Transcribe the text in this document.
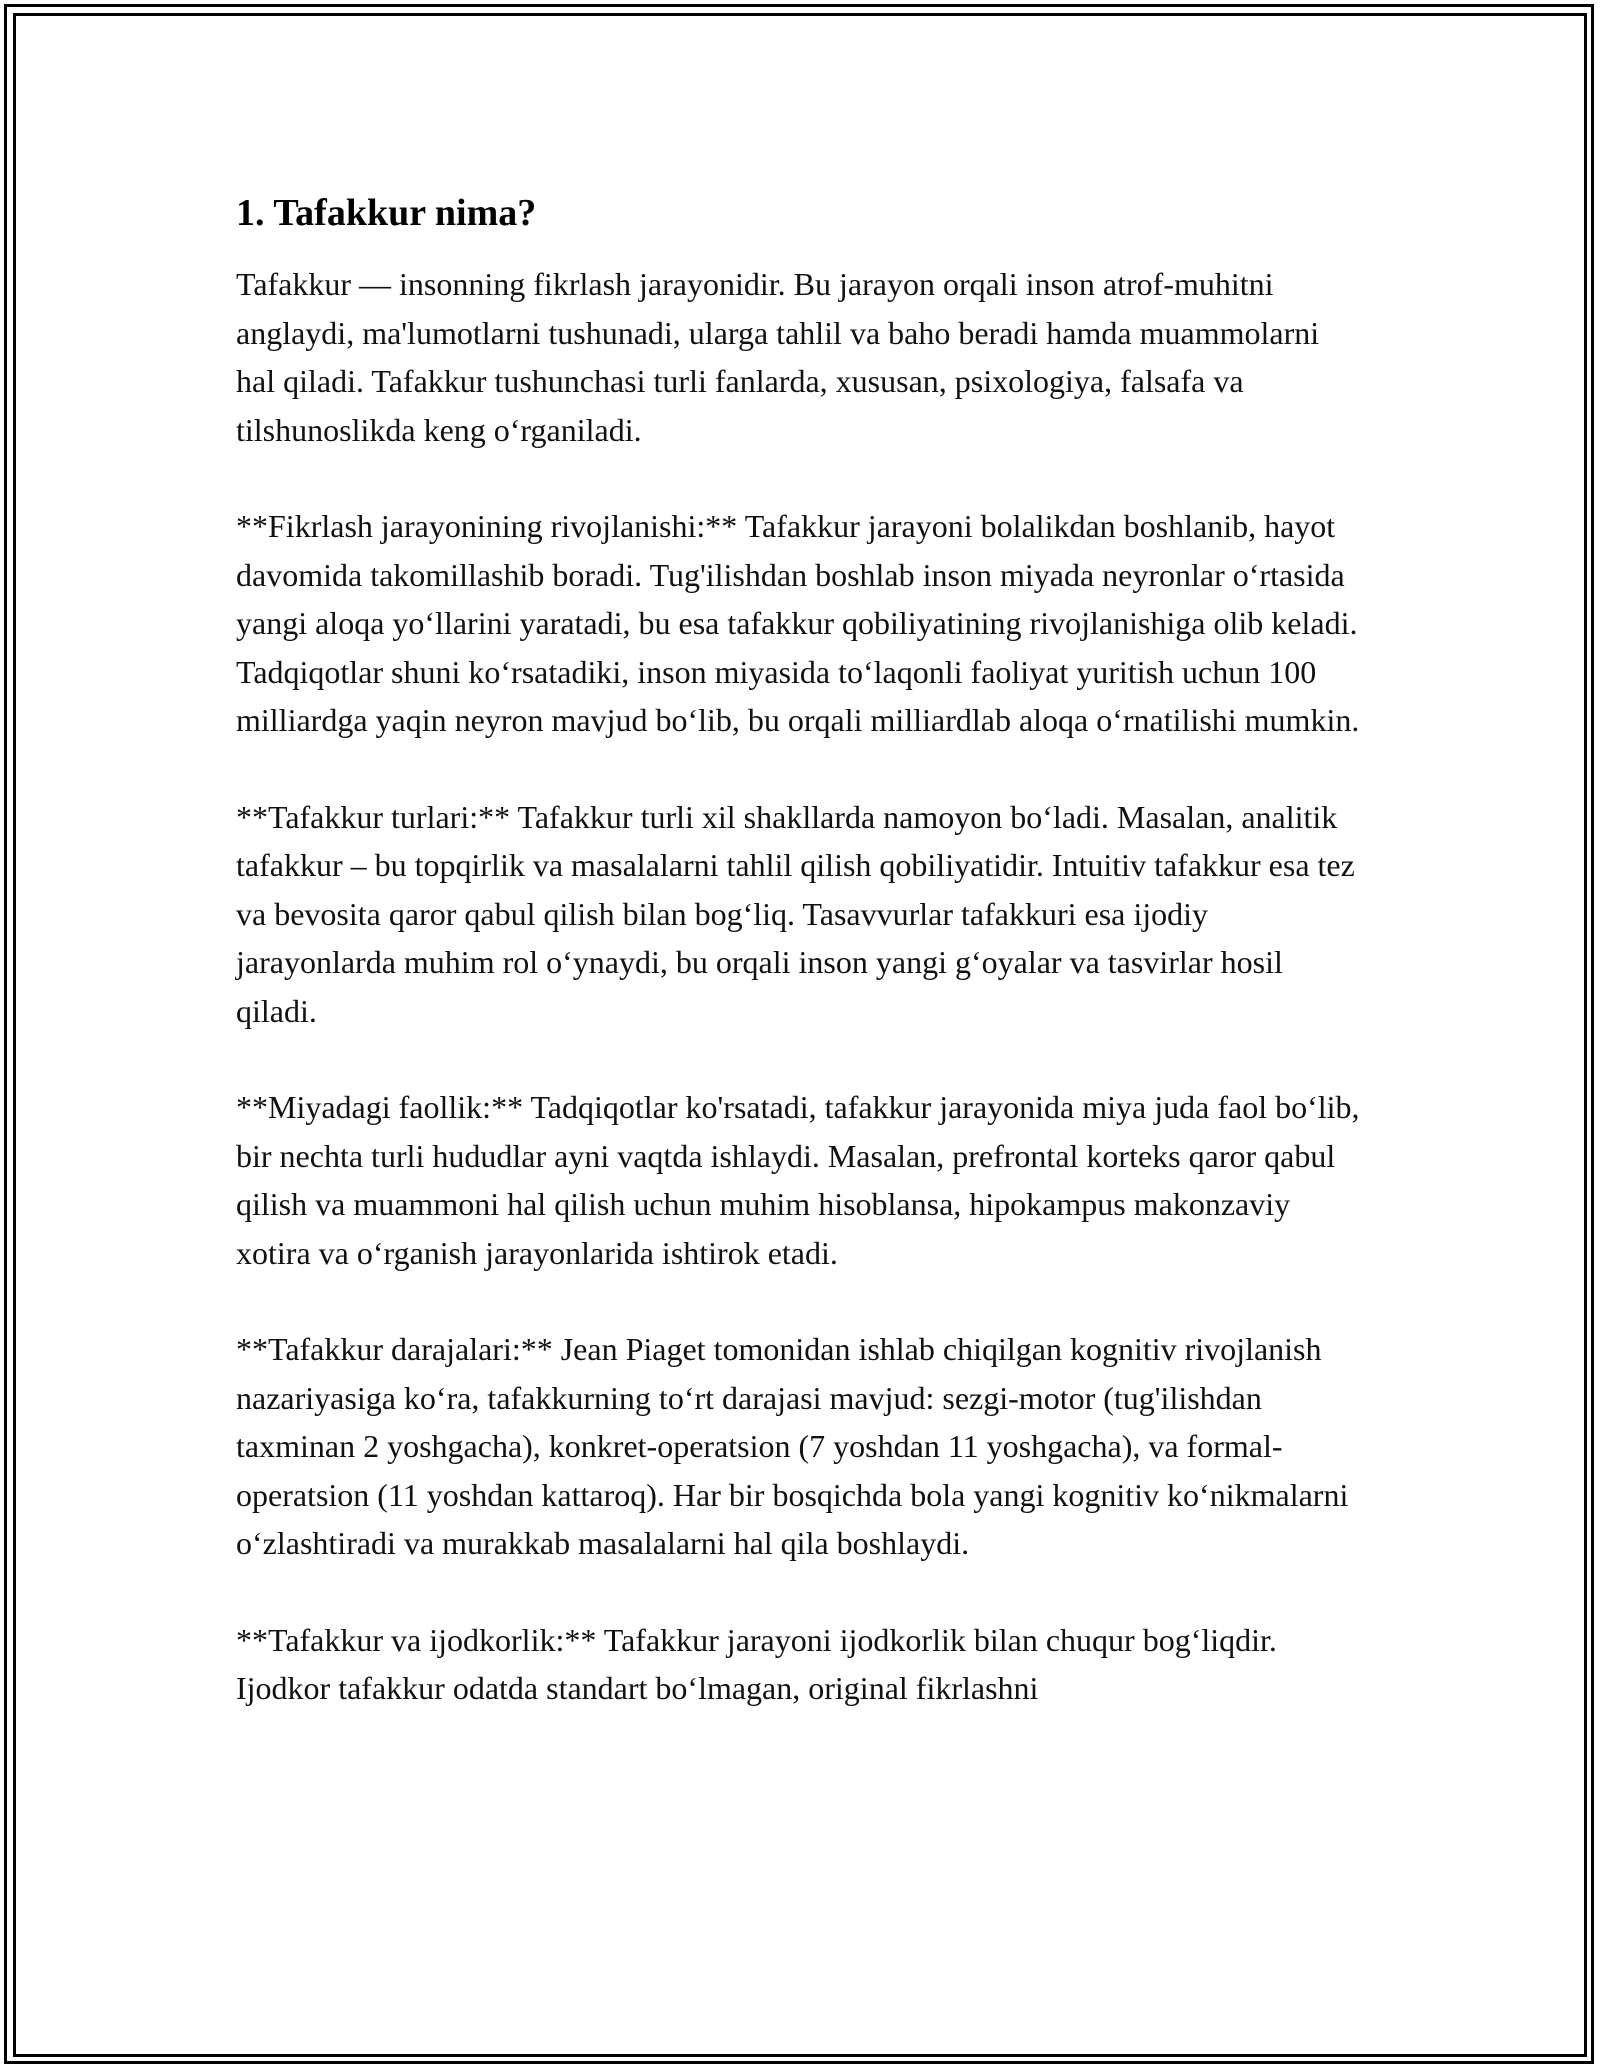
1. Tafakkur nima?

Tafakkur — insonning fikrlash jarayonidir. Bu jarayon orqali inson atrof-muhitni anglaydi, ma'lumotlarni tushunadi, ularga tahlil va baho beradi hamda muammolarni hal qiladi. Tafakkur tushunchasi turli fanlarda, xususan, psixologiya, falsafa va tilshunoslikda keng o‘rganiladi.

**Fikrlash jarayonining rivojlanishi:** Tafakkur jarayoni bolalikdan boshlanib, hayot davomida takomillashib boradi. Tug'ilishdan boshlab inson miyada neyronlar o‘rtasida yangi aloqa yo‘llarini yaratadi, bu esa tafakkur qobiliyatining rivojlanishiga olib keladi. Tadqiqotlar shuni ko‘rsatadiki, inson miyasida to‘laqonli faoliyat yuritish uchun 100 milliardga yaqin neyron mavjud bo‘lib, bu orqali milliardlab aloqa o‘rnatilishi mumkin.

**Tafakkur turlari:** Tafakkur turli xil shakllarda namoyon bo‘ladi. Masalan, analitik tafakkur – bu topqirlik va masalalarni tahlil qilish qobiliyatidir. Intuitiv tafakkur esa tez va bevosita qaror qabul qilish bilan bog‘liq. Tasavvurlar tafakkuri esa ijodiy jarayonlarda muhim rol o‘ynaydi, bu orqali inson yangi g‘oyalar va tasvirlar hosil qiladi.

**Miyadagi faollik:** Tadqiqotlar ko'rsatadi, tafakkur jarayonida miya juda faol bo‘lib, bir nechta turli hududlar ayni vaqtda ishlaydi. Masalan, prefrontal korteks qaror qabul qilish va muammoni hal qilish uchun muhim hisoblansa, hipokampus makonzaviy xotira va o‘rganish jarayonlarida ishtirok etadi.

**Tafakkur darajalari:** Jean Piaget tomonidan ishlab chiqilgan kognitiv rivojlanish nazariyasiga ko‘ra, tafakkurning to‘rt darajasi mavjud: sezgi-motor (tug'ilishdan taxminan 2 yoshgacha), konkret-operatsion (7 yoshdan 11 yoshgacha), va formal-operatsion (11 yoshdan kattaroq). Har bir bosqichda bola yangi kognitiv ko‘nikmalarni o‘zlashtiradi va murakkab masalalarni hal qila boshlaydi.

**Tafakkur va ijodkorlik:** Tafakkur jarayoni ijodkorlik bilan chuqur bog‘liqdir. Ijodkor tafakkur odatda standart bo‘lmagan, original fikrlashni
